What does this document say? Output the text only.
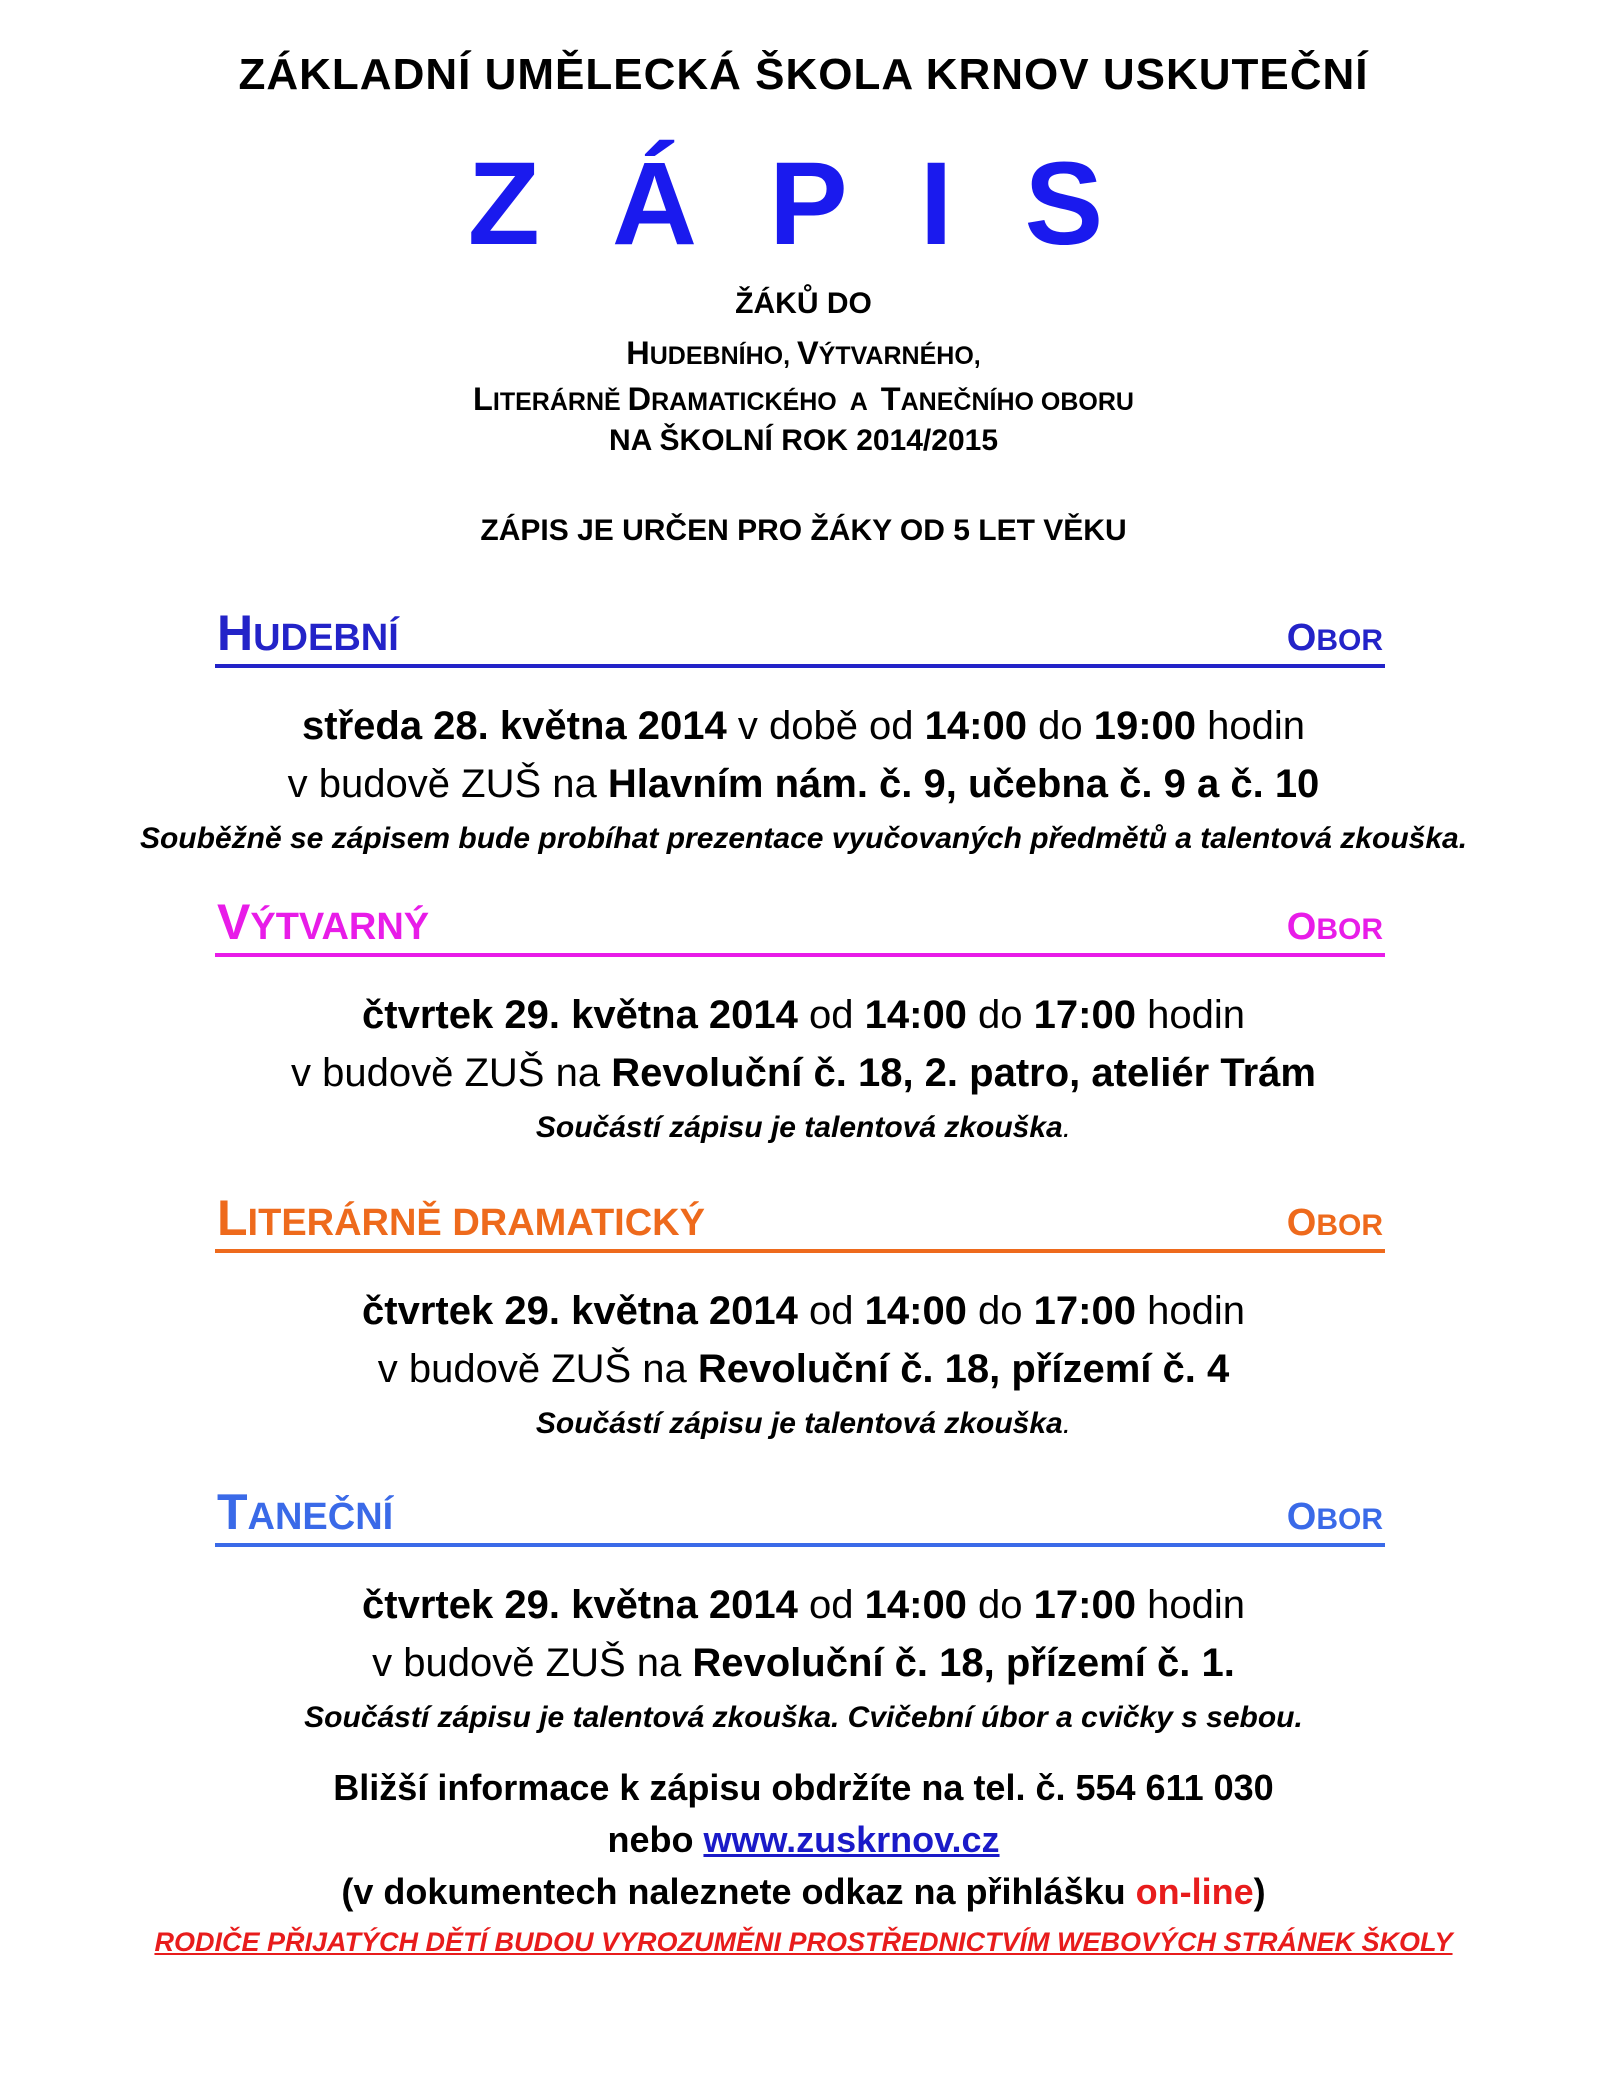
ZÁKLADNÍ UMĚLECKÁ ŠKOLA KRNOV USKUTEČNÍ
ZÁPIS
ŽÁKŮ DO
HUDEBNÍHO, VÝTVARNÉHO,
LITERÁRNĚ DRAMATICKÉHO  A  TANEČNÍHO OBORU
NA ŠKOLNÍ ROK 2014/2015
ZÁPIS JE URČEN PRO ŽÁKY OD 5 LET VĚKU
HUDEBNÍ	OBOR
středa 28. května 2014 v době od 14:00 do 19:00 hodin
v budově ZUŠ na Hlavním nám. č. 9, učebna č. 9 a č. 10
Souběžně se zápisem bude probíhat prezentace vyučovaných předmětů a talentová zkouška.
VÝTVARNÝ	OBOR
čtvrtek 29. května 2014 od 14:00 do 17:00 hodin
v budově ZUŠ na Revoluční č. 18, 2. patro, ateliér Trám
Součástí zápisu je talentová zkouška.
LITERÁRNĚ DRAMATICKÝ	OBOR
čtvrtek 29. května 2014 od 14:00 do 17:00 hodin
v budově ZUŠ na Revoluční č. 18, přízemí č. 4
Součástí zápisu je talentová zkouška.
TANEČNÍ	OBOR
čtvrtek 29. května 2014 od 14:00 do 17:00 hodin
v budově ZUŠ na Revoluční č. 18, přízemí č. 1.
Součástí zápisu je talentová zkouška. Cvičební úbor a cvičky s sebou.
Bližší informace k zápisu obdržíte na tel. č. 554 611 030
nebo www.zuskrnov.cz
(v dokumentech naleznete odkaz na přihlášku on-line)
RODIČE PŘIJATÝCH DĚTÍ BUDOU VYROZUMĚNI PROSTŘEDNICTVÍM WEBOVÝCH STRÁNEK ŠKOLY
